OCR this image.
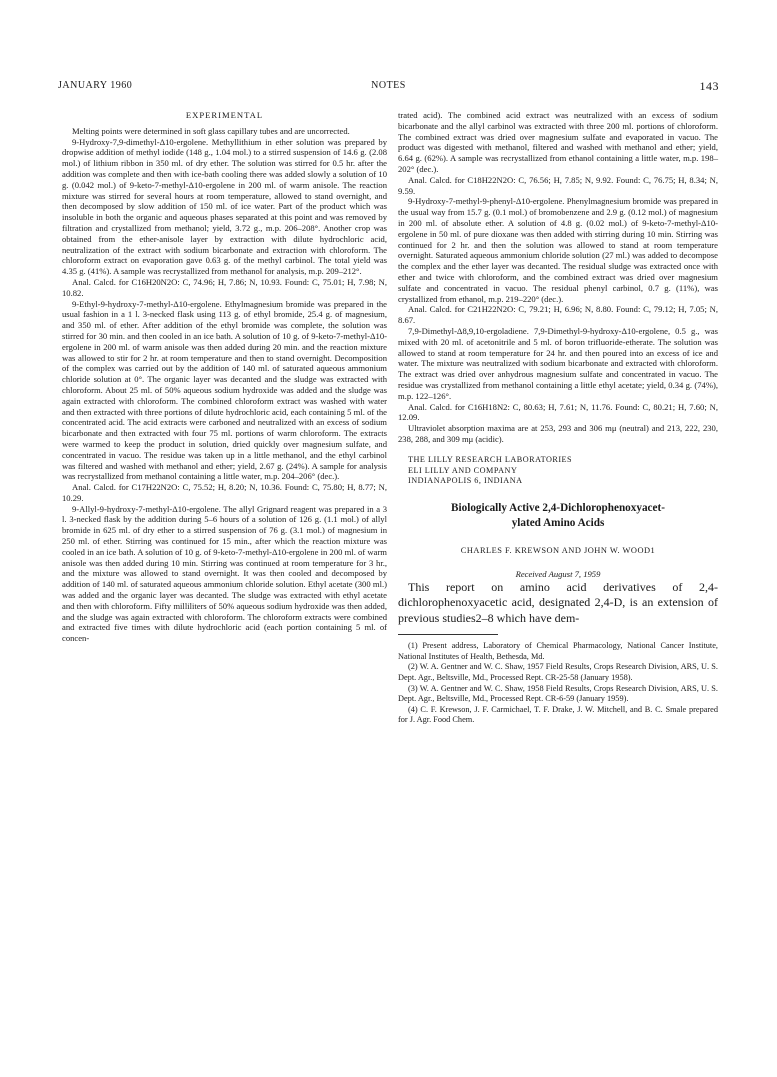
JANUARY 1960	NOTES	143
EXPERIMENTAL

Melting points were determined in soft glass capillary tubes and are uncorrected.

9-Hydroxy-7,9-dimethyl-Δ10-ergolene. Methyllithium in ether solution was prepared by dropwise addition of methyl iodide (148 g., 1.04 mol.) to a stirred suspension of 14.6 g. (2.08 mol.) of lithium ribbon in 350 ml. of dry ether. The solution was stirred for 0.5 hr. after the addition was complete and then with ice-bath cooling there was added slowly a solution of 10 g. (0.042 mol.) of 9-keto-7-methyl-Δ10-ergolene in 200 ml. of warm anisole. The reaction mixture was stirred for several hours at room temperature, allowed to stand overnight, and then decomposed by slow addition of 150 ml. of ice water. Part of the product which was insoluble in both the organic and aqueous phases separated at this point and was removed by filtration and crystallized from methanol; yield, 3.72 g., m.p. 206–208°. Another crop was obtained from the ether-anisole layer by extraction with dilute hydrochloric acid, neutralization of the extract with sodium bicarbonate and extraction with chloroform. The chloroform extract on evaporation gave 0.63 g. of the methyl carbinol. The total yield was 4.35 g. (41%). A sample was recrystallized from methanol for analysis, m.p. 209–212°.

Anal. Calcd. for C16H20N2O: C, 74.96; H, 7.86; N, 10.93. Found: C, 75.01; H, 7.98; N, 10.82.

9-Ethyl-9-hydroxy-7-methyl-Δ10-ergolene. Ethylmagnesium bromide was prepared in the usual fashion in a 1 l. 3-necked flask using 113 g. of ethyl bromide, 25.4 g. of magnesium, and 350 ml. of ether. After addition of the ethyl bromide was complete, the solution was stirred for 30 min. and then cooled in an ice bath. A solution of 10 g. of 9-keto-7-methyl-Δ10-ergolene in 200 ml. of warm anisole was then added during 20 min. and the reaction mixture was allowed to stir for 2 hr. at room temperature and then to stand overnight. Decomposition of the complex was carried out by the addition of 140 ml. of saturated aqueous ammonium chloride solution at 0°. The organic layer was decanted and the sludge was extracted with chloroform. About 25 ml. of 50% aqueous sodium hydroxide was added and the sludge was again extracted with chloroform. The combined chloroform extract was washed with water and then extracted with three portions of dilute hydrochloric acid, each containing 5 ml. of the concentrated acid. The acid extracts were carboned and neutralized with an excess of sodium bicarbonate and then extracted with four 75 ml. portions of warm chloroform. The extracts were warmed to keep the product in solution, dried quickly over magnesium sulfate, and concentrated in vacuo. The residue was taken up in a little methanol, and the ethyl carbinol was filtered and washed with methanol and ether; yield, 2.67 g. (24%). A sample for analysis was recrystallized from methanol containing a little water, m.p. 204–206° (dec.).

Anal. Calcd. for C17H22N2O: C, 75.52; H, 8.20; N, 10.36. Found: C, 75.80; H, 8.77; N, 10.29.

9-Allyl-9-hydroxy-7-methyl-Δ10-ergolene. The allyl Grignard reagent was prepared in a 3 l. 3-necked flask by the addition during 5–6 hours of a solution of 126 g. (1.1 mol.) of allyl bromide in 625 ml. of dry ether to a stirred suspension of 76 g. (3.1 mol.) of magnesium in 250 ml. of ether. Stirring was continued for 15 min., after which the reaction mixture was cooled in an ice bath. A solution of 10 g. of 9-keto-7-methyl-Δ10-ergolene in 200 ml. of warm anisole was then added during 10 min. Stirring was continued at room temperature for 3 hr., and the mixture was allowed to stand overnight. It was then cooled and decomposed by addition of 140 ml. of saturated aqueous ammonium chloride solution. Ethyl acetate (300 ml.) was added and the organic layer was decanted. The sludge was extracted with ethyl acetate and then with chloroform. Fifty milliliters of 50% aqueous sodium hydroxide was then added, and the sludge was again extracted with chloroform. The chloroform extracts were combined and extracted five times with dilute hydrochloric acid (each portion containing 5 ml. of concen-

trated acid). The combined acid extract was neutralized with an excess of sodium bicarbonate and the allyl carbinol was extracted with three 200 ml. portions of chloroform. The combined extract was dried over magnesium sulfate and evaporated in vacuo. The product was digested with methanol, filtered and washed with methanol and ether; yield, 6.64 g. (62%). A sample was recrystallized from ethanol containing a little water, m.p. 198–202° (dec.).

Anal. Calcd. for C18H22N2O: C, 76.56; H, 7.85; N, 9.92. Found: C, 76.75; H, 8.34; N, 9.59.

9-Hydroxy-7-methyl-9-phenyl-Δ10-ergolene. Phenylmagnesium bromide was prepared in the usual way from 15.7 g. (0.1 mol.) of bromobenzene and 2.9 g. (0.12 mol.) of magnesium in 200 ml. of absolute ether. A solution of 4.8 g. (0.02 mol.) of 9-keto-7-methyl-Δ10-ergolene in 50 ml. of pure dioxane was then added with stirring during 10 min. Stirring was continued for 2 hr. and then the solution was allowed to stand at room temperature overnight. Saturated aqueous ammonium chloride solution (27 ml.) was added to decompose the complex and the ether layer was decanted. The residual sludge was extracted once with ether and twice with chloroform, and the combined extract was dried over magnesium sulfate and concentrated in vacuo. The residual phenyl carbinol, 0.7 g. (11%), was crystallized from ethanol, m.p. 219–220° (dec.).

Anal. Calcd. for C21H22N2O: C, 79.21; H, 6.96; N, 8.80. Found: C, 79.12; H, 7.05; N, 8.67.

7,9-Dimethyl-Δ8,9,10-ergoladiene. 7,9-Dimethyl-9-hydroxy-Δ10-ergolene, 0.5 g., was mixed with 20 ml. of acetonitrile and 5 ml. of boron trifluoride-etherate. The solution was allowed to stand at room temperature for 24 hr. and then poured into an excess of ice and water. The mixture was neutralized with sodium bicarbonate and extracted with chloroform. The extract was dried over anhydrous magnesium sulfate and concentrated in vacuo. The residue was crystallized from methanol containing a little ethyl acetate; yield, 0.34 g. (74%), m.p. 122–126°.

Anal. Calcd. for C16H18N2: C, 80.63; H, 7.61; N, 11.76. Found: C, 80.21; H, 7.60; N, 12.09.

Ultraviolet absorption maxima are at 253, 293 and 306 mμ (neutral) and 213, 222, 230, 238, 288, and 309 mμ (acidic).

THE LILLY RESEARCH LABORATORIES
ELI LILLY AND COMPANY
INDIANAPOLIS 6, INDIANA
Biologically Active 2,4-Dichlorophenoxyacet-
ylated Amino Acids
CHARLES F. KREWSON AND JOHN W. WOOD1
Received August 7, 1959

This report on amino acid derivatives of 2,4-dichlorophenoxyacetic acid, designated 2,4-D, is an extension of previous studies2–8 which have dem-

(1) Present address, Laboratory of Chemical Pharmacology, National Cancer Institute, National Institutes of Health, Bethesda, Md.

(2) W. A. Gentner and W. C. Shaw, 1957 Field Results, Crops Research Division, ARS, U. S. Dept. Agr., Beltsville, Md., Processed Rept. CR-25-58 (January 1958).

(3) W. A. Gentner and W. C. Shaw, 1958 Field Results, Crops Research Division, ARS, U. S. Dept. Agr., Beltsville, Md., Processed Rept. CR-6-59 (January 1959).

(4) C. F. Krewson, J. F. Carmichael, T. F. Drake, J. W. Mitchell, and B. C. Smale prepared for J. Agr. Food Chem.
